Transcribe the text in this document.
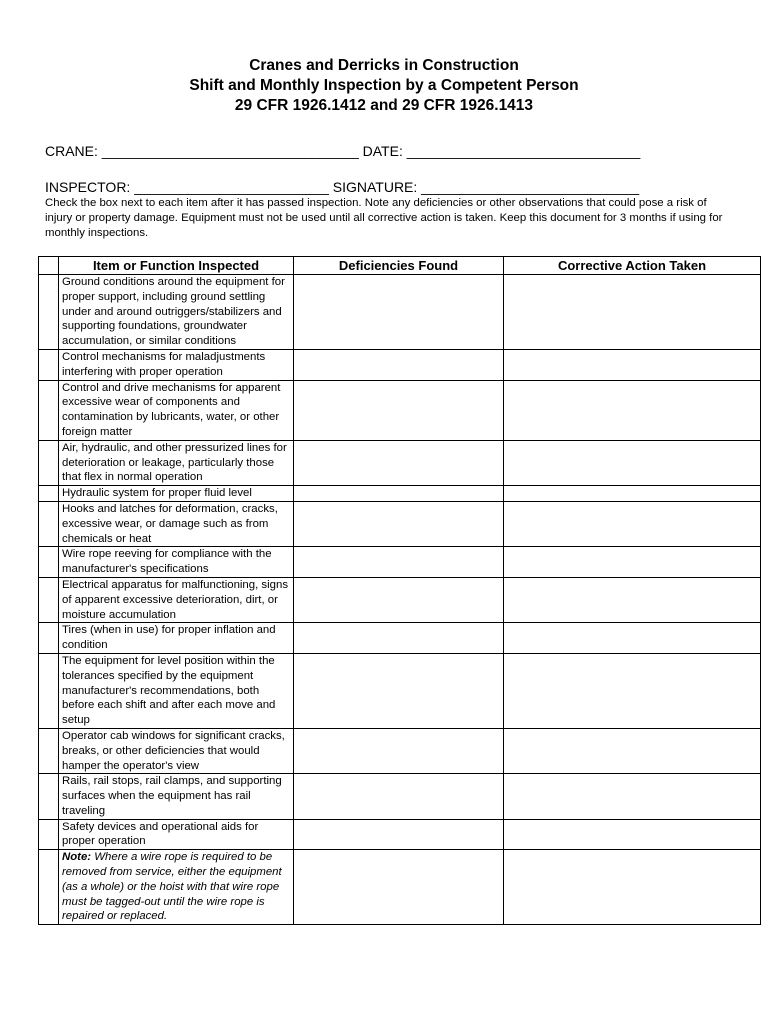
Cranes and Derricks in Construction
Shift and Monthly Inspection by a Competent Person
29 CFR 1926.1412 and 29 CFR 1926.1413
CRANE: _________________________________ DATE: ______________________________
INSPECTOR: _________________________ SIGNATURE: ____________________________
Check the box next to each item after it has passed inspection. Note any deficiencies or other observations that could pose a risk of injury or property damage. Equipment must not be used until all corrective action is taken. Keep this document for 3 months if using for monthly inspections.
	Item or Function Inspected	Deficiencies Found	Corrective Action Taken
	Ground conditions around the equipment for proper support, including ground settling under and around outriggers/stabilizers and supporting foundations, groundwater accumulation, or similar conditions		
	Control mechanisms for maladjustments interfering with proper operation		
	Control and drive mechanisms for apparent excessive wear of components and contamination by lubricants, water, or other foreign matter		
	Air, hydraulic, and other pressurized lines for deterioration or leakage, particularly those that flex in normal operation		
	Hydraulic system for proper fluid level		
	Hooks and latches for deformation, cracks, excessive wear, or damage such as from chemicals or heat		
	Wire rope reeving for compliance with the manufacturer's specifications		
	Electrical apparatus for malfunctioning, signs of apparent excessive deterioration, dirt, or moisture accumulation		
	Tires (when in use) for proper inflation and condition		
	The equipment for level position within the tolerances specified by the equipment manufacturer's recommendations, both before each shift and after each move and setup		
	Operator cab windows for significant cracks, breaks, or other deficiencies that would hamper the operator's view		
	Rails, rail stops, rail clamps, and supporting surfaces when the equipment has rail traveling		
	Safety devices and operational aids for proper operation		
	Note: Where a wire rope is required to be removed from service, either the equipment (as a whole) or the hoist with that wire rope must be tagged-out until the wire rope is repaired or replaced.		
